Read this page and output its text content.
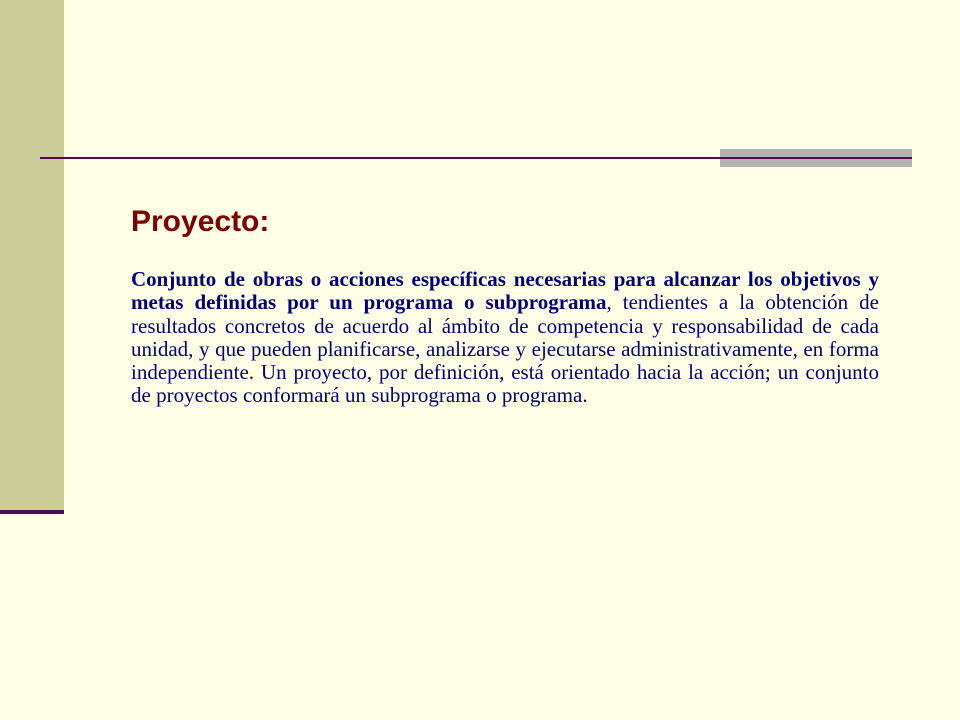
Proyecto:

Conjunto de obras o acciones específicas necesarias para alcanzar los objetivos y metas definidas por un programa o subprograma, tendientes a la obtención de resultados concretos de acuerdo al ámbito de competencia y responsabilidad de cada unidad, y que pueden planificarse, analizarse y ejecutarse administrativamente, en forma independiente. Un proyecto, por definición, está orientado hacia la acción; un conjunto de proyectos conformará un subprograma o programa.
